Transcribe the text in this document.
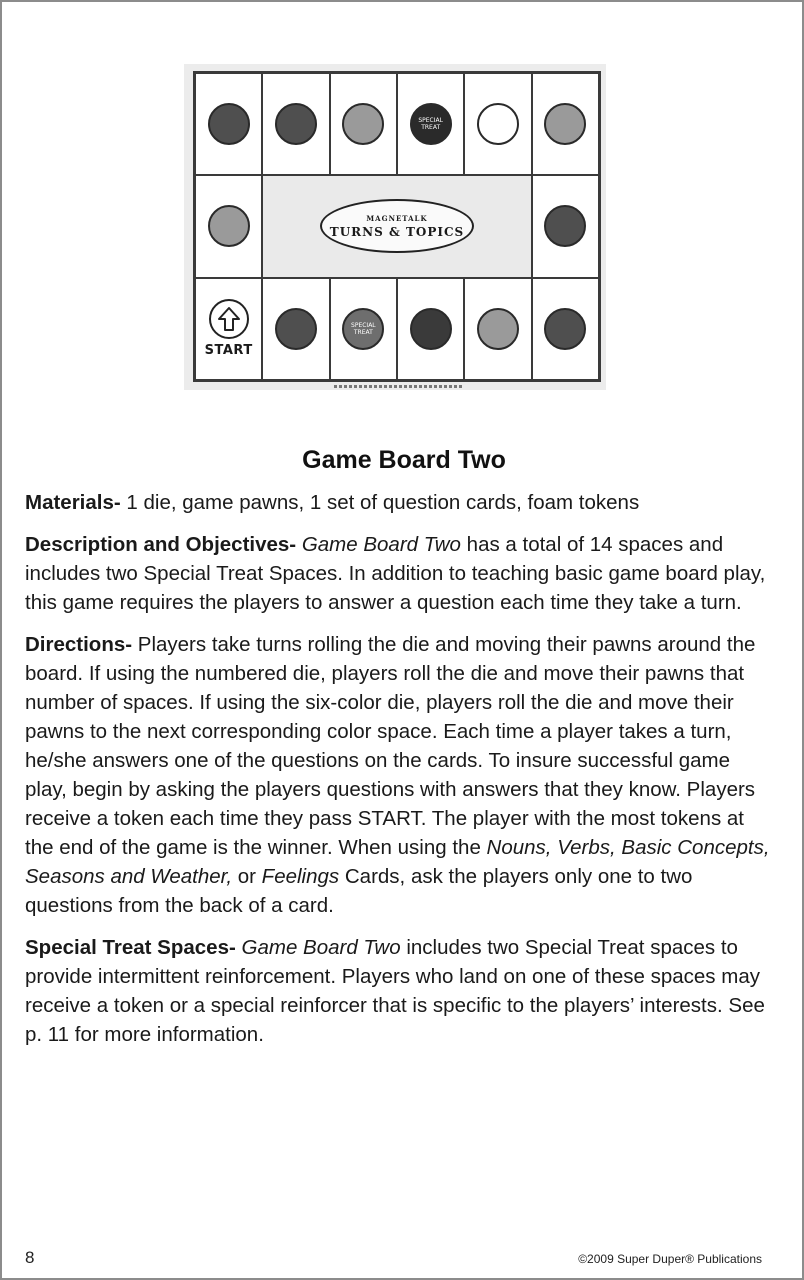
SPECIAL TREAT
MAGNETALK
TURNS & TOPICS
START
SPECIAL TREAT
Game Board Two

Materials- 1 die, game pawns, 1 set of question cards, foam tokens

Description and Objectives- Game Board Two has a total of 14 spaces and includes two Special Treat Spaces. In addition to teaching basic game board play, this game requires the players to answer a question each time they take a turn.

Directions- Players take turns rolling the die and moving their pawns around the board. If using the numbered die, players roll the die and move their pawns that number of spaces. If using the six-color die, players roll the die and move their pawns to the next corresponding color space. Each time a player takes a turn, he/she answers one of the questions on the cards. To insure successful game play, begin by asking the players questions with answers that they know. Players receive a token each time they pass START. The player with the most tokens at the end of the game is the winner. When using the Nouns, Verbs, Basic Concepts, Seasons and Weather, or Feelings Cards, ask the players only one to two questions from the back of a card.

Special Treat Spaces- Game Board Two includes two Special Treat spaces to provide intermittent reinforcement. Players who land on one of these spaces may receive a token or a special reinforcer that is specific to the players’ interests. See p. 11 for more information.

8	©2009 Super Duper® Publications
